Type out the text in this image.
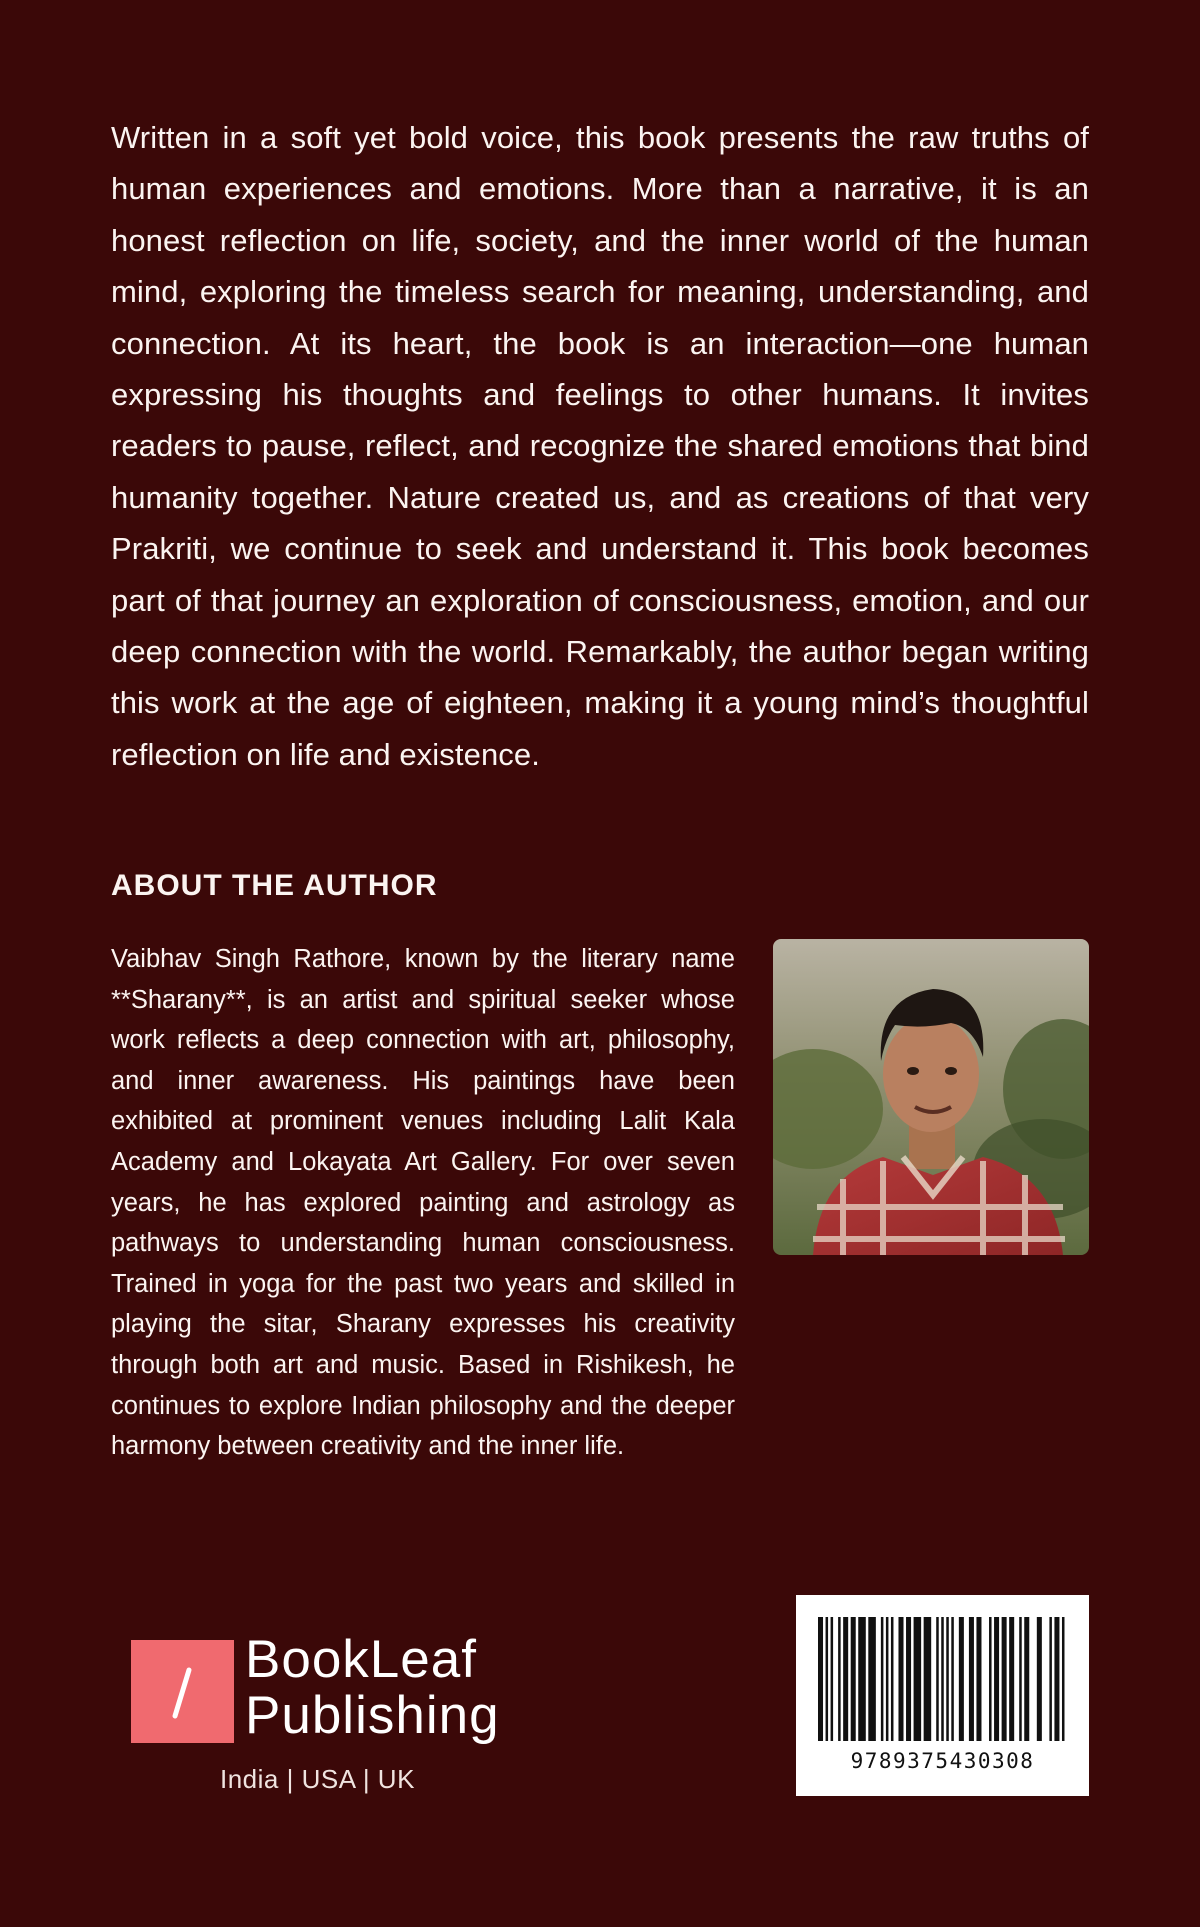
Written in a soft yet bold voice, this book presents the raw truths of human experiences and emotions. More than a narrative, it is an honest reflection on life, society, and the inner world of the human mind, exploring the timeless search for meaning, understanding, and connection. At its heart, the book is an interaction—one human expressing his thoughts and feelings to other humans. It invites readers to pause, reflect, and recognize the shared emotions that bind humanity together. Nature created us, and as creations of that very Prakriti, we continue to seek and understand it. This book becomes part of that journey an exploration of consciousness, emotion, and our deep connection with the world. Remarkably, the author began writing this work at the age of eighteen, making it a young mind’s thoughtful reflection on life and existence.

ABOUT THE AUTHOR

Vaibhav Singh Rathore, known by the literary name **Sharany**, is an artist and spiritual seeker whose work reflects a deep connection with art, philosophy, and inner awareness. His paintings have been exhibited at prominent venues including Lalit Kala Academy and Lokayata Art Gallery. For over seven years, he has explored painting and astrology as pathways to understanding human consciousness. Trained in yoga for the past two years and skilled in playing the sitar, Sharany expresses his creativity through both art and music. Based in Rishikesh, he continues to explore Indian philosophy and the deeper harmony between creativity and the inner life.

BookLeaf
Publishing
India | USA | UK
9789375430308
